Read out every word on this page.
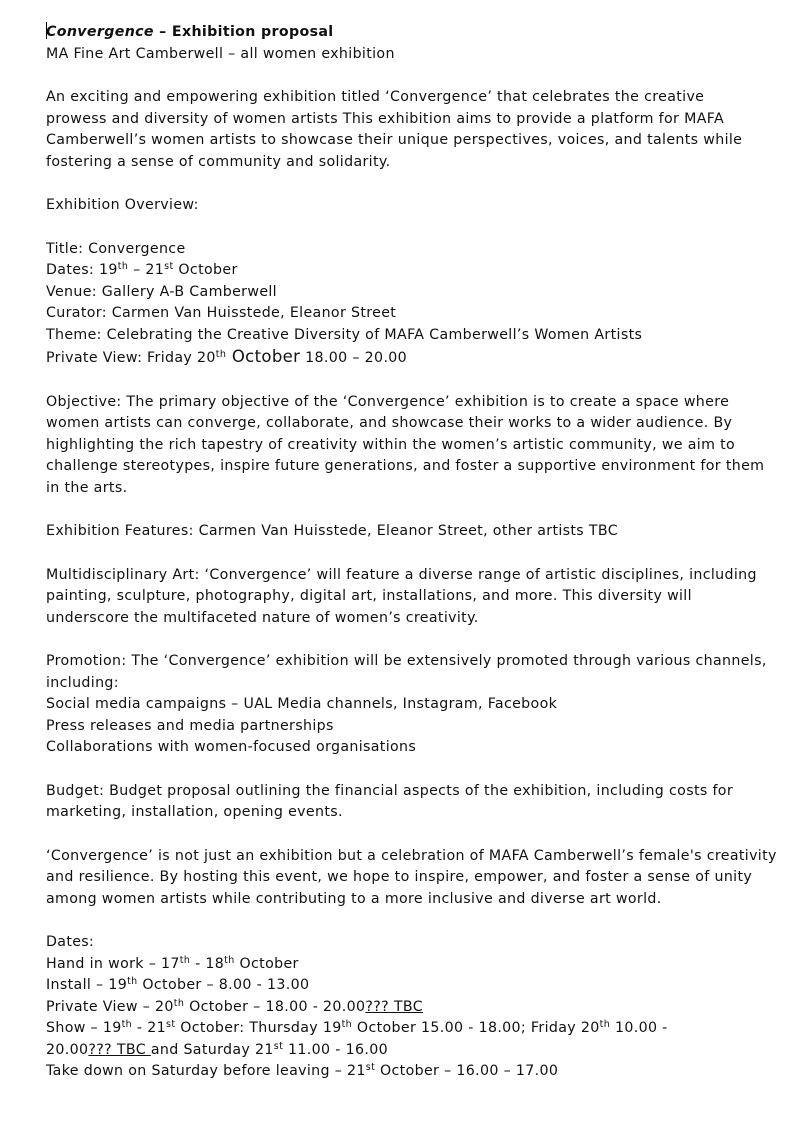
Convergence – Exhibition proposal

MA Fine Art Camberwell – all women exhibition

An exciting and empowering exhibition titled ‘Convergence’ that celebrates the creative prowess and diversity of women artists This exhibition aims to provide a platform for MAFA Camberwell’s women artists to showcase their unique perspectives, voices, and talents while fostering a sense of community and solidarity.

Exhibition Overview:

Title: Convergence

Dates: 19th – 21st October

Venue: Gallery A-B Camberwell

Curator: Carmen Van Huisstede, Eleanor Street

Theme: Celebrating the Creative Diversity of MAFA Camberwell’s Women Artists

Private View: Friday 20th October 18.00 – 20.00

Objective: The primary objective of the ‘Convergence’ exhibition is to create a space where women artists can converge, collaborate, and showcase their works to a wider audience. By highlighting the rich tapestry of creativity within the women’s artistic community, we aim to challenge stereotypes, inspire future generations, and foster a supportive environment for them in the arts.

Exhibition Features: Carmen Van Huisstede, Eleanor Street, other artists TBC

Multidisciplinary Art: ‘Convergence’ will feature a diverse range of artistic disciplines, including painting, sculpture, photography, digital art, installations, and more. This diversity will underscore the multifaceted nature of women’s creativity.

Promotion: The ‘Convergence’ exhibition will be extensively promoted through various channels, including:

Social media campaigns – UAL Media channels, Instagram, Facebook

Press releases and media partnerships

Collaborations with women-focused organisations

Budget: Budget proposal outlining the financial aspects of the exhibition, including costs for marketing, installation, opening events.

‘Convergence’ is not just an exhibition but a celebration of MAFA Camberwell’s female's creativity and resilience. By hosting this event, we hope to inspire, empower, and foster a sense of unity among women artists while contributing to a more inclusive and diverse art world.

Dates:

Hand in work – 17th - 18th October

Install – 19th October – 8.00 - 13.00

Private View – 20th October – 18.00 - 20.00??? TBC

Show – 19th - 21st October: Thursday 19th October 15.00 - 18.00; Friday 20th 10.00 -

20.00??? TBC and Saturday 21st 11.00 - 16.00

Take down on Saturday before leaving – 21st October – 16.00 – 17.00
